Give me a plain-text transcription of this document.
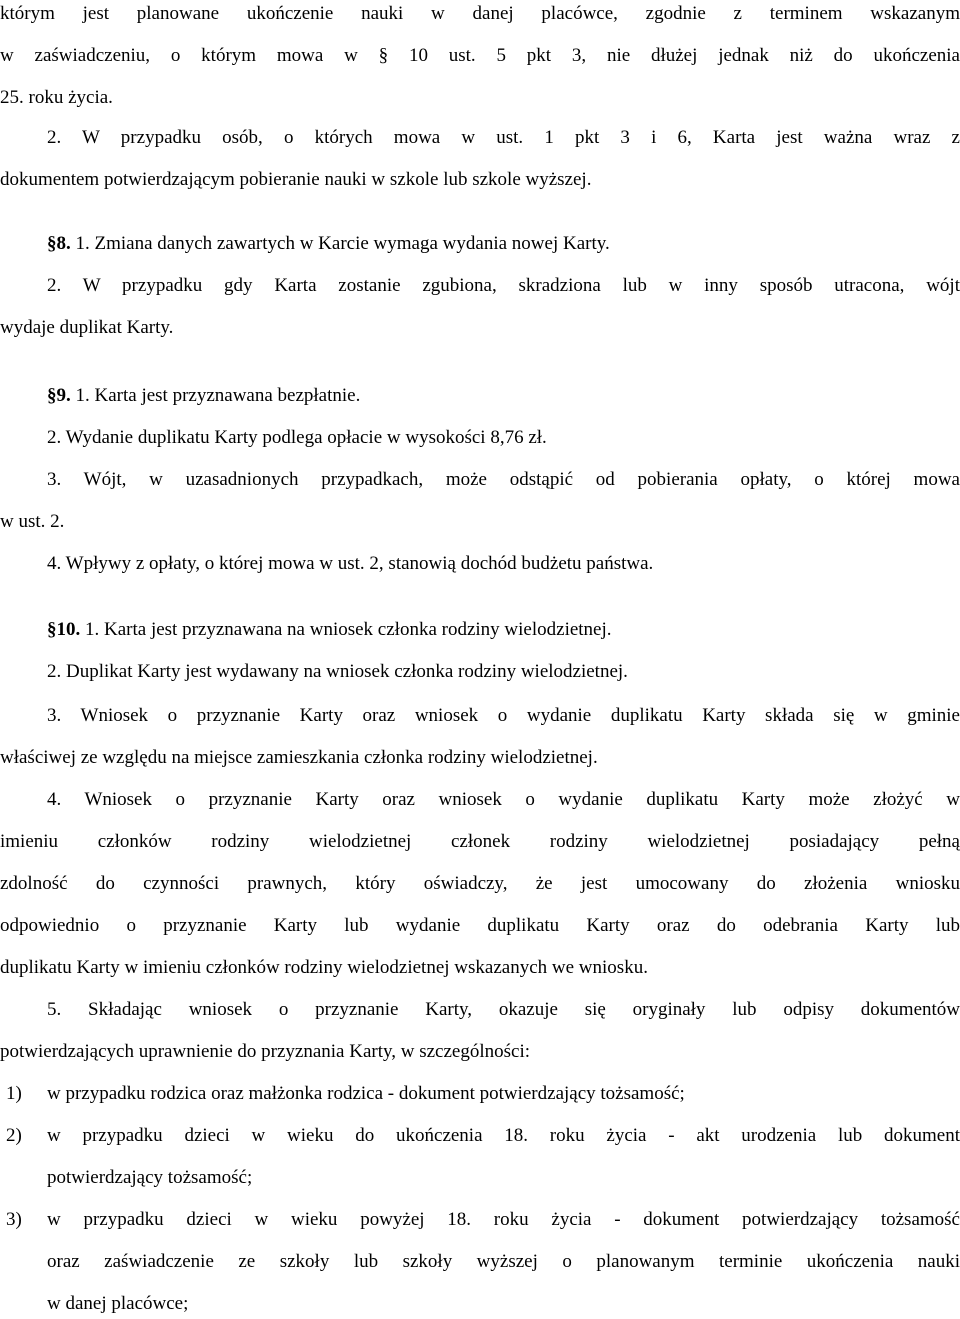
którym jest planowane ukończenie nauki w danej placówce, zgodnie z terminem wskazanym
w zaświadczeniu, o którym mowa w § 10 ust. 5 pkt 3, nie dłużej jednak niż do ukończenia
25. roku życia.
2. W przypadku osób, o których mowa w ust. 1 pkt 3 i 6, Karta jest ważna wraz z
dokumentem potwierdzającym pobieranie nauki w szkole lub szkole wyższej.
§8. 1. Zmiana danych zawartych w Karcie wymaga wydania nowej Karty.
2. W przypadku gdy Karta zostanie zgubiona, skradziona lub w inny sposób utracona, wójt
wydaje duplikat Karty.
§9. 1. Karta jest przyznawana bezpłatnie.
2. Wydanie duplikatu Karty podlega opłacie w wysokości 8,76 zł.
3. Wójt, w uzasadnionych przypadkach, może odstąpić od pobierania opłaty, o której mowa
w ust. 2.
4. Wpływy z opłaty, o której mowa w ust. 2, stanowią dochód budżetu państwa.
§10. 1. Karta jest przyznawana na wniosek członka rodziny wielodzietnej.
2. Duplikat Karty jest wydawany na wniosek członka rodziny wielodzietnej.
3. Wniosek o przyznanie Karty oraz wniosek o wydanie duplikatu Karty składa się w gminie
właściwej ze względu na miejsce zamieszkania członka rodziny wielodzietnej.
4. Wniosek o przyznanie Karty oraz wniosek o wydanie duplikatu Karty może złożyć w
imieniu członków rodziny wielodzietnej członek rodziny wielodzietnej posiadający pełną
zdolność do czynności prawnych, który oświadczy, że jest umocowany do złożenia wniosku
odpowiednio o przyznanie Karty lub wydanie duplikatu Karty oraz do odebrania Karty lub
duplikatu Karty w imieniu członków rodziny wielodzietnej wskazanych we wniosku.
5. Składając wniosek o przyznanie Karty, okazuje się oryginały lub odpisy dokumentów
potwierdzających uprawnienie do przyznania Karty, w szczególności:
1) w przypadku rodzica oraz małżonka rodzica - dokument potwierdzający tożsamość;
2) w przypadku dzieci w wieku do ukończenia 18. roku życia - akt urodzenia lub dokument
potwierdzający tożsamość;
3) w przypadku dzieci w wieku powyżej 18. roku życia - dokument potwierdzający tożsamość
oraz zaświadczenie ze szkoły lub szkoły wyższej o planowanym terminie ukończenia nauki
w danej placówce;
